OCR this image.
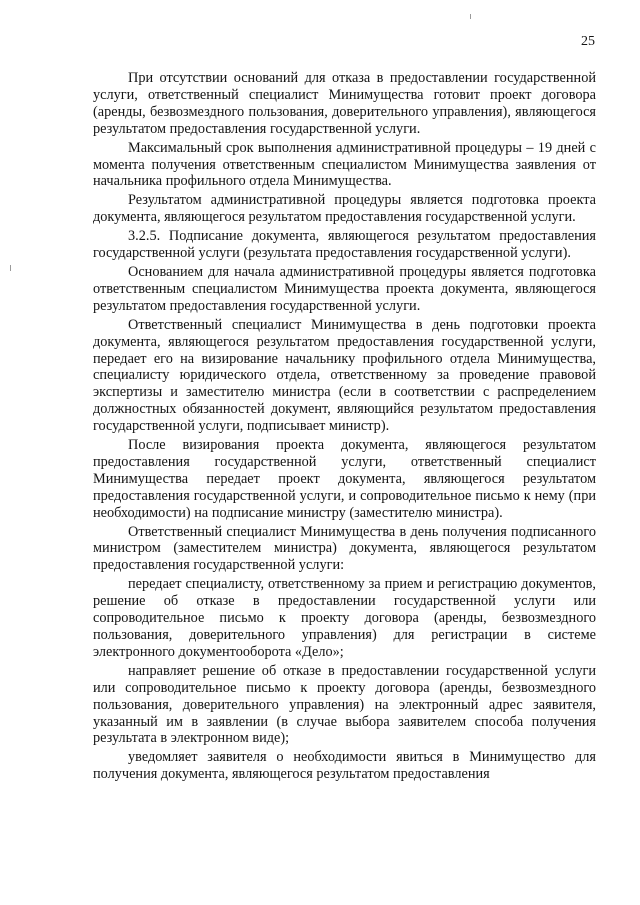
25

При отсутствии оснований для отказа в предоставлении государственной услуги, ответственный специалист Минимущества готовит проект договора (аренды, безвозмездного пользования, доверительного управления), являющегося результатом предоставления государственной услуги.

Максимальный срок выполнения административной процедуры – 19 дней с момента получения ответственным специалистом Минимущества заявления от начальника профильного отдела Минимущества.

Результатом административной процедуры является подготовка проекта документа, являющегося результатом предоставления государственной услуги.

3.2.5. Подписание документа, являющегося результатом предоставления государственной услуги (результата предоставления государственной услуги).

Основанием для начала административной процедуры является подготовка ответственным специалистом Минимущества проекта документа, являющегося результатом предоставления государственной услуги.

Ответственный специалист Минимущества в день подготовки проекта документа, являющегося результатом предоставления государственной услуги, передает его на визирование начальнику профильного отдела Минимущества, специалисту юридического отдела, ответственному за проведение правовой экспертизы и заместителю министра (если в соответствии с распределением должностных обязанностей документ, являющийся результатом предоставления государственной услуги, подписывает министр).

После визирования проекта документа, являющегося результатом предоставления государственной услуги, ответственный специалист Минимущества передает проект документа, являющегося результатом предоставления государственной услуги, и сопроводительное письмо к нему (при необходимости) на подписание министру (заместителю министра).

Ответственный специалист Минимущества в день получения подписанного министром (заместителем министра) документа, являющегося результатом предоставления государственной услуги:

передает специалисту, ответственному за прием и регистрацию документов, решение об отказе в предоставлении государственной услуги или сопроводительное письмо к проекту договора (аренды, безвозмездного пользования, доверительного управления) для регистрации в системе электронного документооборота «Дело»;

направляет решение об отказе в предоставлении государственной услуги или сопроводительное письмо к проекту договора (аренды, безвозмездного пользования, доверительного управления) на электронный адрес заявителя, указанный им в заявлении (в случае выбора заявителем способа получения результата в электронном виде);

уведомляет заявителя о необходимости явиться в Минимущество для получения документа, являющегося результатом предоставления
